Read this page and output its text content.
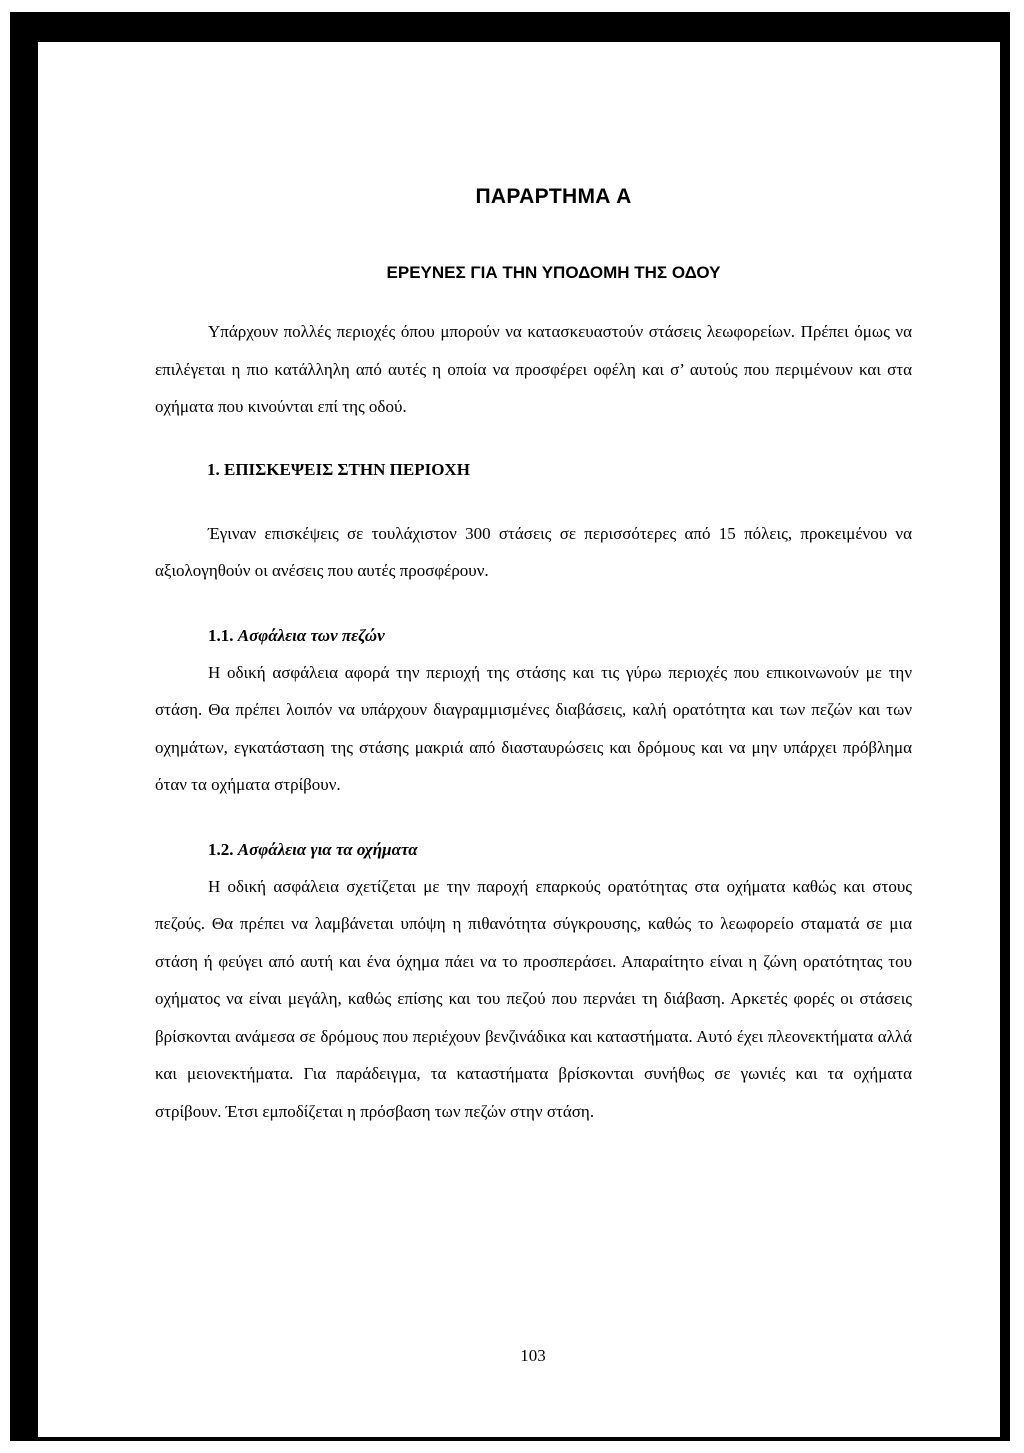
ΠΑΡΑΡΤΗΜΑ Α
ΕΡΕΥΝΕΣ ΓΙΑ ΤΗΝ ΥΠΟΔΟΜΗ ΤΗΣ ΟΔΟΥ

Υπάρχουν πολλές περιοχές όπου μπορούν να κατασκευαστούν στάσεις λεωφορείων. Πρέπει όμως να επιλέγεται η πιο κατάλληλη από αυτές η οποία να προσφέρει οφέλη και σ’ αυτούς που περιμένουν και στα οχήματα που κινούνται επί της οδού.

1. ΕΠΙΣΚΕΨΕΙΣ ΣΤΗΝ ΠΕΡΙΟΧΗ

Έγιναν επισκέψεις σε τουλάχιστον 300 στάσεις σε περισσότερες από 15 πόλεις, προκειμένου να αξιολογηθούν οι ανέσεις που αυτές προσφέρουν.

1.1. Ασφάλεια των πεζών

Η οδική ασφάλεια αφορά την περιοχή της στάσης και τις γύρω περιοχές που επικοινωνούν με την στάση. Θα πρέπει λοιπόν να υπάρχουν διαγραμμισμένες διαβάσεις, καλή ορατότητα και των πεζών και των οχημάτων, εγκατάσταση της στάσης μακριά από διασταυρώσεις και δρόμους και να μην υπάρχει πρόβλημα όταν τα οχήματα στρίβουν.

1.2. Ασφάλεια για τα οχήματα

Η οδική ασφάλεια σχετίζεται με την παροχή επαρκούς ορατότητας στα οχήματα καθώς και στους πεζούς. Θα πρέπει να λαμβάνεται υπόψη η πιθανότητα σύγκρουσης, καθώς το λεωφορείο σταματά σε μια στάση ή φεύγει από αυτή και ένα όχημα πάει να το προσπεράσει. Απαραίτητο είναι η ζώνη ορατότητας του οχήματος να είναι μεγάλη, καθώς επίσης και του πεζού που περνάει τη διάβαση. Αρκετές φορές οι στάσεις βρίσκονται ανάμεσα σε δρόμους που περιέχουν βενζινάδικα και καταστήματα. Αυτό έχει πλεονεκτήματα αλλά και μειονεκτήματα. Για παράδειγμα, τα καταστήματα βρίσκονται συνήθως σε γωνιές και τα οχήματα στρίβουν. Έτσι εμποδίζεται η πρόσβαση των πεζών στην στάση.

103
